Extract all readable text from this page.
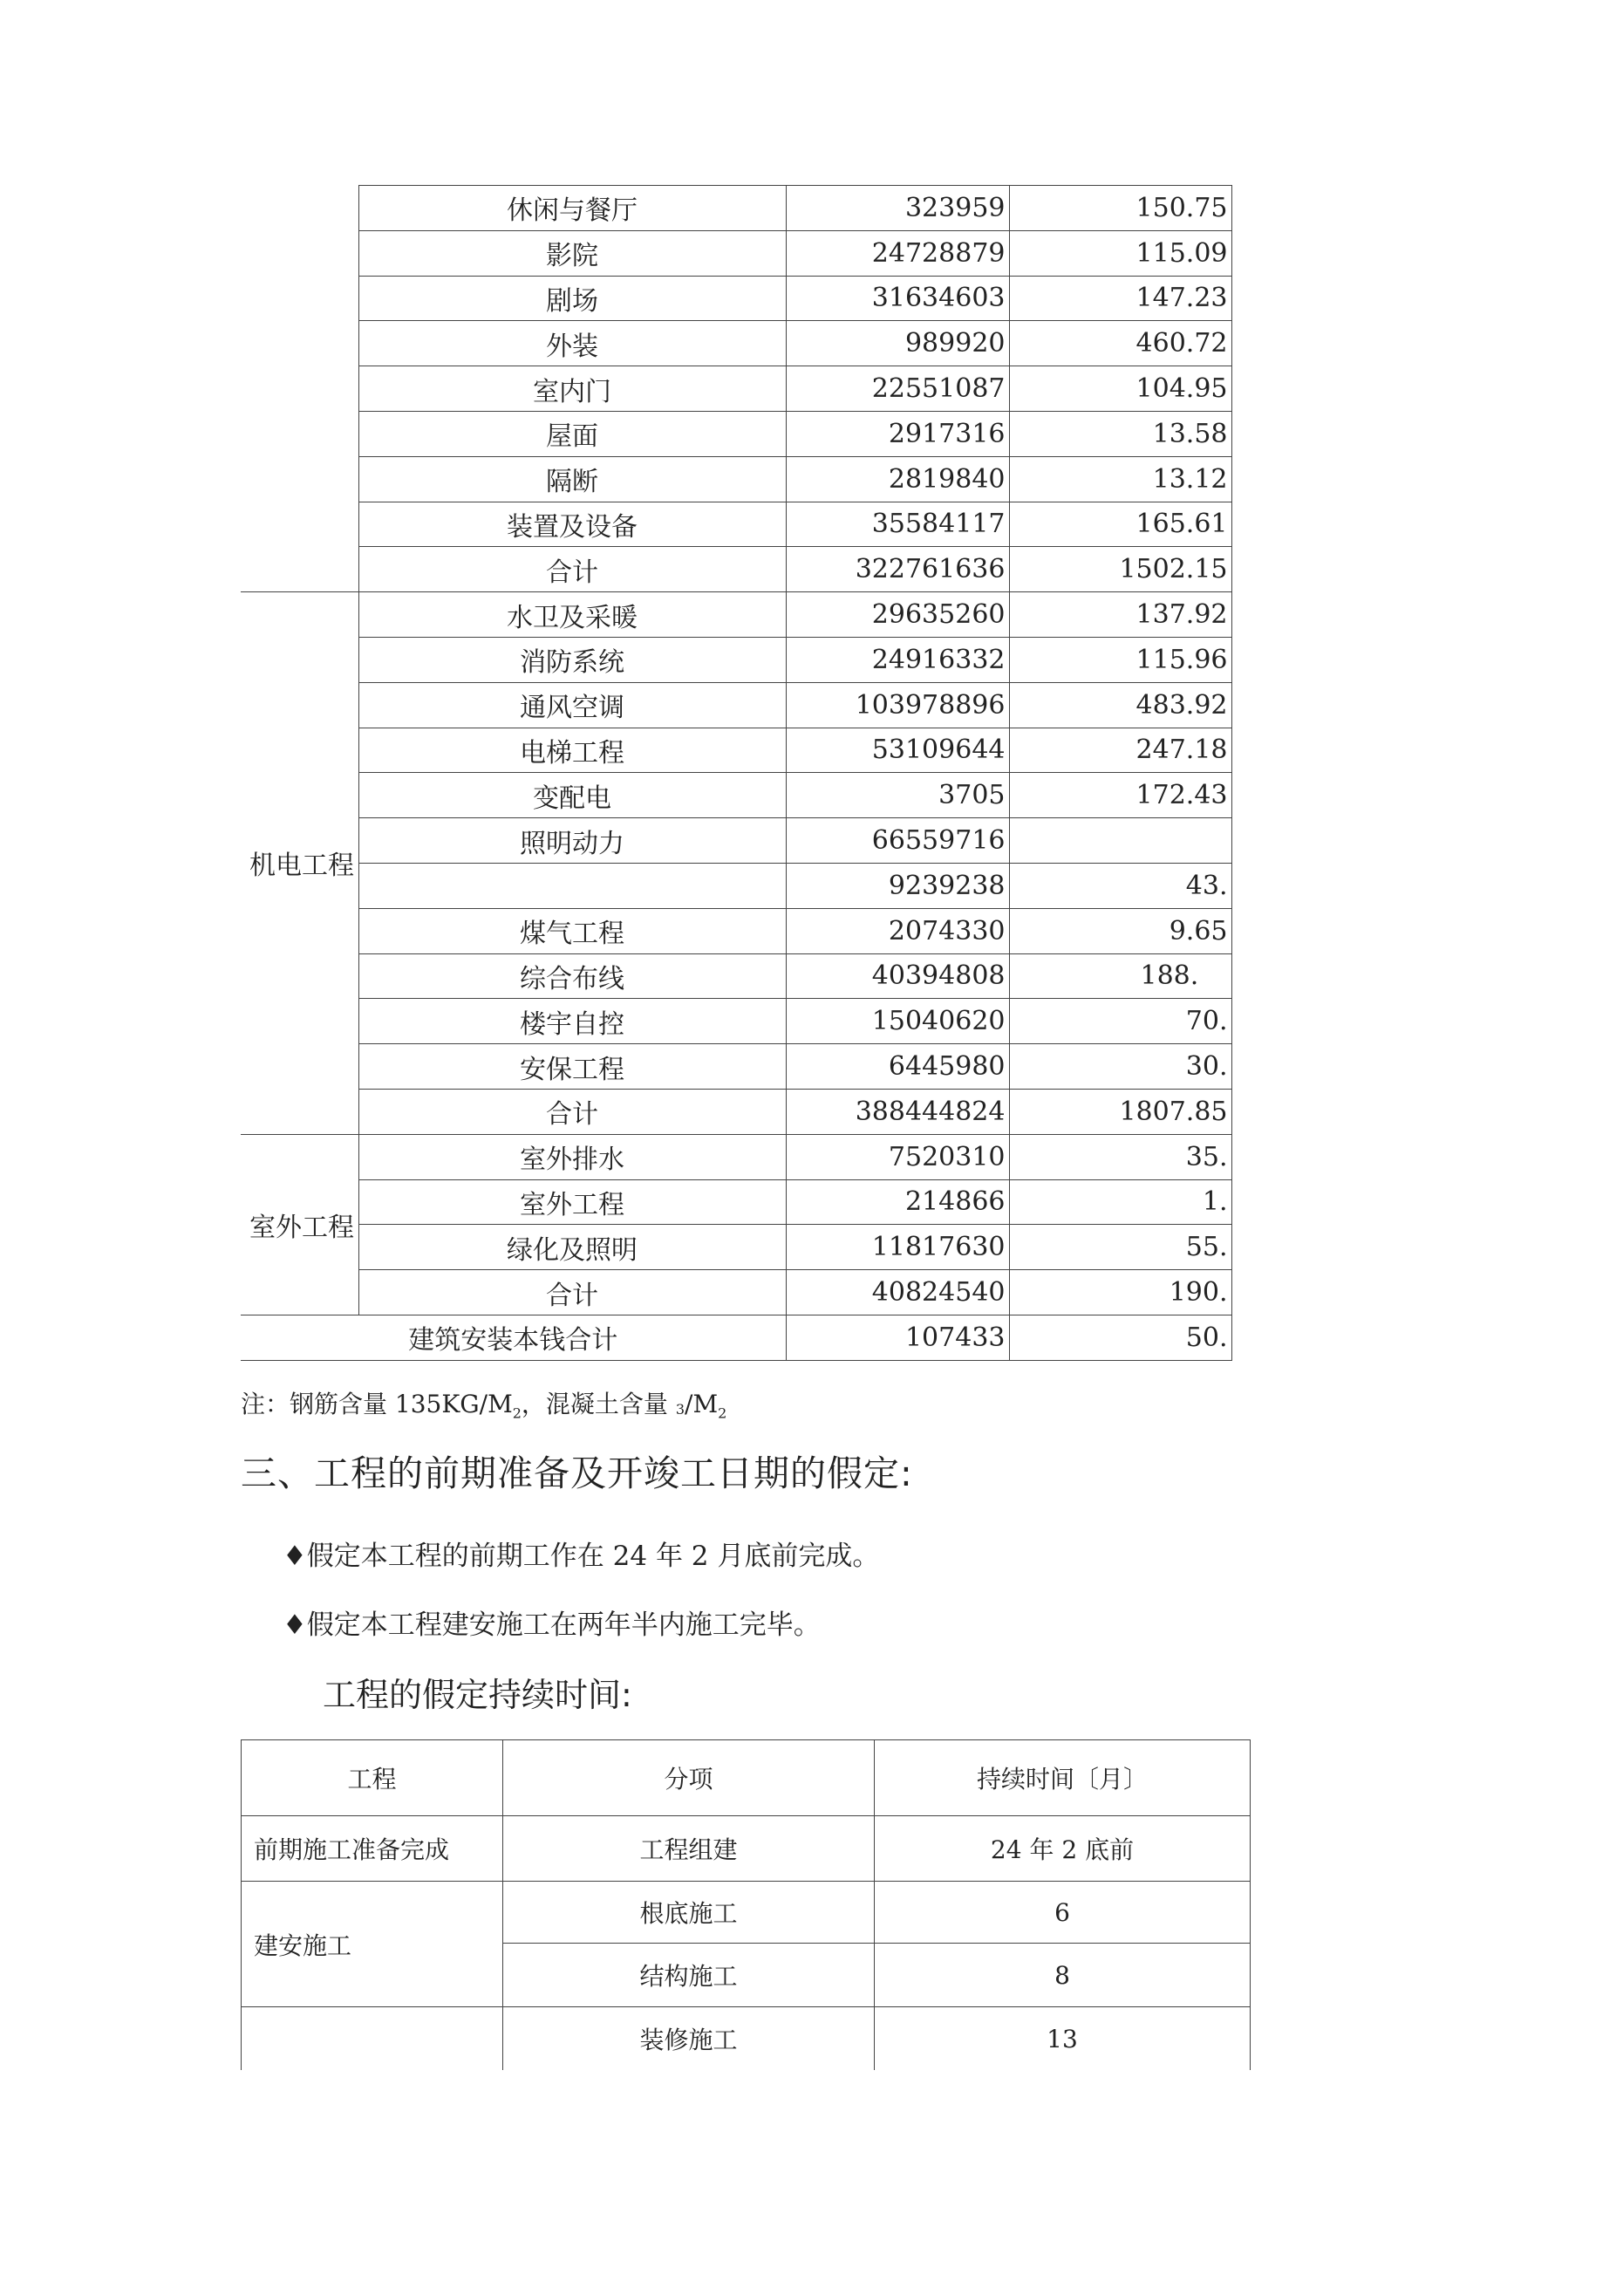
	休闲与餐厅	323959	150.75
	影院	24728879	115.09
	剧场	31634603	147.23
	外装	989920	460.72
	室内门	22551087	104.95
	屋面	2917316	13.58
	隔断	2819840	13.12
	装置及设备	35584117	165.61
	合计	322761636	1502.15
机电工程	水卫及采暖	29635260	137.92
	消防系统	24916332	115.96
	通风空调	103978896	483.92
	电梯工程	53109644	247.18
	变配电	3705	172.43
	照明动力	66559716	
		9239238	43.
	煤气工程	2074330	9.65
	综合布线	40394808	188.
	楼宇自控	15040620	70.
	安保工程	6445980	30.
	合计	388444824	1807.85
室外工程	室外排水	7520310	35.
	室外工程	214866	1.
	绿化及照明	11817630	55.
	合计	40824540	190.
建筑安装本钱合计		107433	50.
注：钢筋含量 $135KG/M_2$，混凝土含量 $3/M_2$
三、工程的前期准备及开竣工日期的假定:
♦假定本工程的前期工作在 24 年 2 月底前完成。
♦假定本工程建安施工在两年半内施工完毕。
工程的假定持续时间:
工程	分项	持续时间〔月〕
前期施工准备完成	工程组建	24 年 2 底前
建安施工	根底施工	6
	结构施工	8
	装修施工	13
